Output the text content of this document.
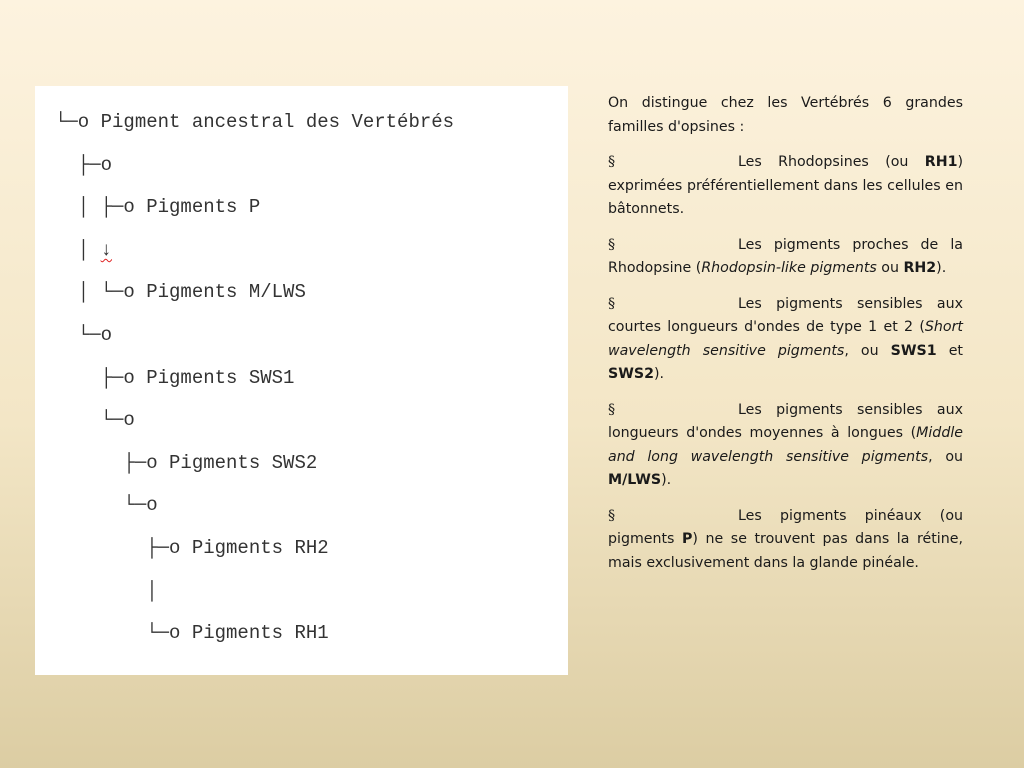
└─o Pigment ancestral des Vertébrés
├─o
│ ├─o Pigments P
│ ↓
│ └─o Pigments M/LWS
└─o
├─o Pigments SWS1
└─o
├─o Pigments SWS2
└─o
├─o Pigments RH2
│
└─o Pigments RH1

On distingue chez les Vertébrés 6 grandes familles d'opsines :

§	Les Rhodopsines (ou RH1) exprimées préférentiellement dans les cellules en bâtonnets.

§	Les pigments proches de la Rhodopsine (Rhodopsin-like pigments ou RH2).

§	Les pigments sensibles aux courtes longueurs d'ondes de type 1 et 2 (Short wavelength sensitive pigments, ou SWS1 et SWS2).

§	Les pigments sensibles aux longueurs d'ondes moyennes à longues (Middle and long wavelength sensitive pigments, ou M/LWS).

§	Les pigments pinéaux (ou pigments P) ne se trouvent pas dans la rétine, mais exclusivement dans la glande pinéale.
